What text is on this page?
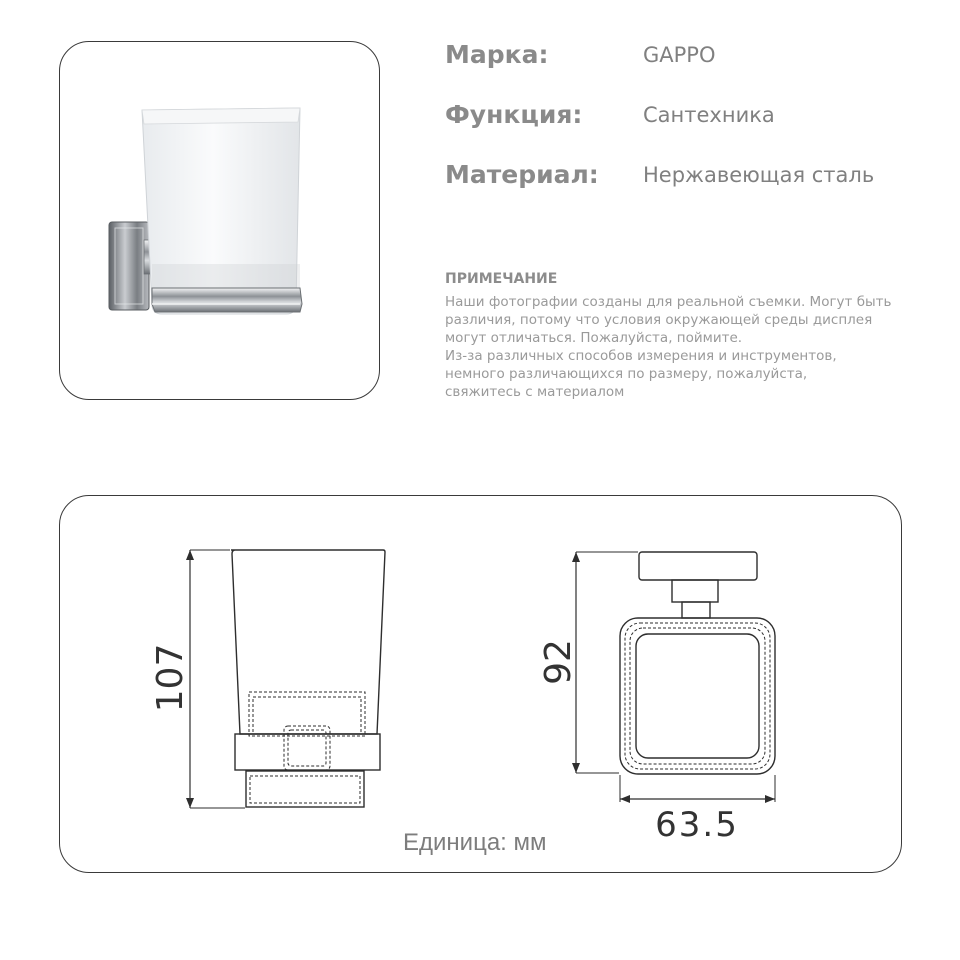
Марка:	GAPPO
Функция:	Сантехника
Материал: Нержавеющая сталь
ПРИМЕЧАНИЕ
Наши фотографии созданы для реальной съемки. Могут быть
различия, потому что условия окружающей среды дисплея
могут отличаться. Пожалуйста, поймите.
Из-за различных способов измерения и инструментов,
немного различающихся по размеру, пожалуйста,
свяжитесь с материалом
107	92
63.5
Единица: мм
